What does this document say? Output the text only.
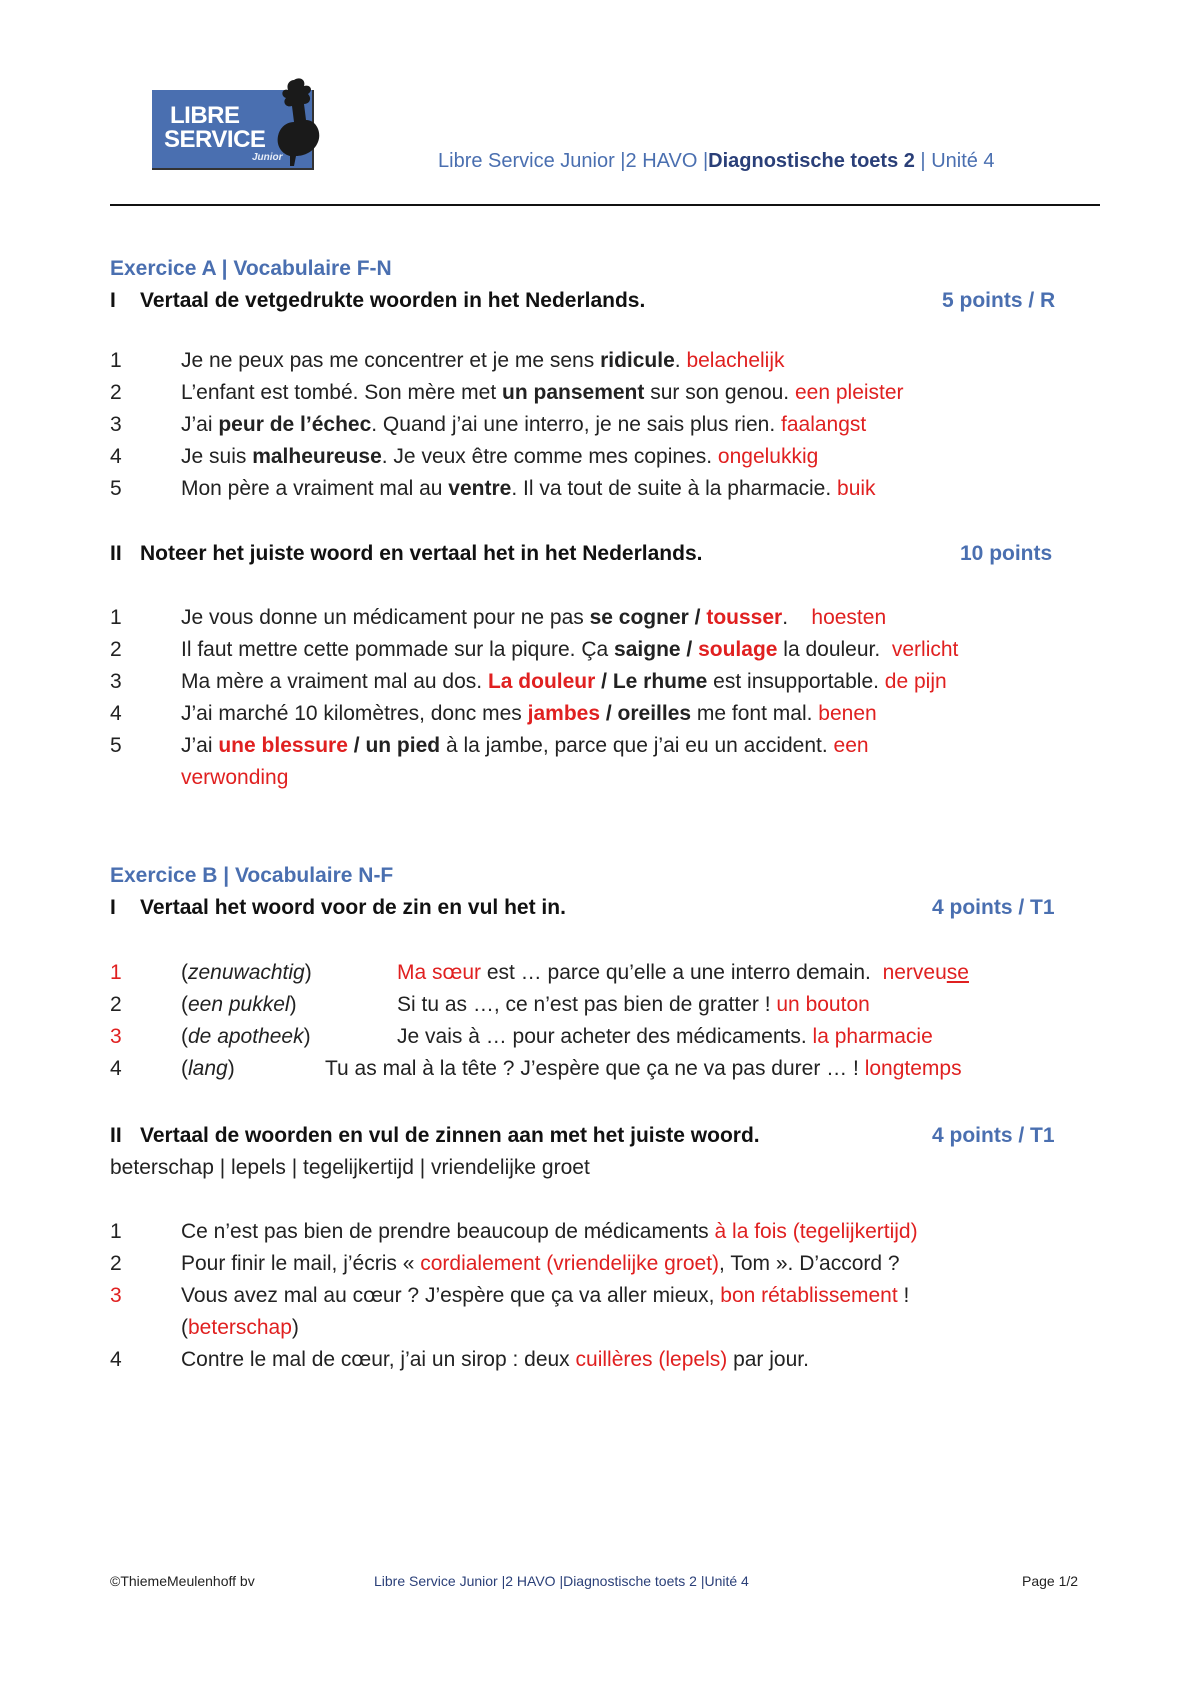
LIBRE
SERVICE
Junior	Libre Service Junior |2 HAVO |Diagnostische toets 2 | Unité 4
Exercice A | Vocabulaire F-N
I Vertaal de vetgedrukte woorden in het Nederlands.	5 points / R
1	Je ne peux pas me concentrer et je me sens ridicule. belachelijk
2	L’enfant est tombé. Son mère met un pansement sur son genou. een pleister
3	J’ai peur de l’échec. Quand j’ai une interro, je ne sais plus rien. faalangst
4	Je suis malheureuse. Je veux être comme mes copines. ongelukkig
5	Mon père a vraiment mal au ventre. Il va tout de suite à la pharmacie. buik
II Noteer het juiste woord en vertaal het in het Nederlands.	10 points
1	Je vous donne un médicament pour ne pas se cogner / tousser.    hoesten
2	Il faut mettre cette pommade sur la piqure. Ça saigne / soulage la douleur.  verlicht
3	Ma mère a vraiment mal au dos. La douleur / Le rhume est insupportable. de pijn
4	J’ai marché 10 kilomètres, donc mes jambes / oreilles me font mal. benen
5	J’ai une blessure / un pied à la jambe, parce que j’ai eu un accident. een
verwonding
Exercice B | Vocabulaire N-F
I Vertaal het woord voor de zin en vul het in.	4 points / T1
1	(zenuwachtig)	Ma sœur est … parce qu’elle a une interro demain.  nerveuse
2	(een pukkel)	Si tu as …, ce n’est pas bien de gratter ! un bouton
3	(de apotheek)	Je vais à … pour acheter des médicaments. la pharmacie
4	(lang)	Tu as mal à la tête ? J’espère que ça ne va pas durer … ! longtemps
II Vertaal de woorden en vul de zinnen aan met het juiste woord.	4 points / T1
beterschap | lepels | tegelijkertijd | vriendelijke groet
1	Ce n’est pas bien de prendre beaucoup de médicaments à la fois (tegelijkertijd)
2	Pour finir le mail, j’écris « cordialement (vriendelijke groet), Tom ». D’accord ?
3	Vous avez mal au cœur ? J’espère que ça va aller mieux, bon rétablissement !
(beterschap)
4	Contre le mal de cœur, j’ai un sirop : deux cuillères (lepels) par jour.
©ThiemeMeulenhoff bv	Libre Service Junior |2 HAVO |Diagnostische toets 2 |Unité 4	Page 1/2
